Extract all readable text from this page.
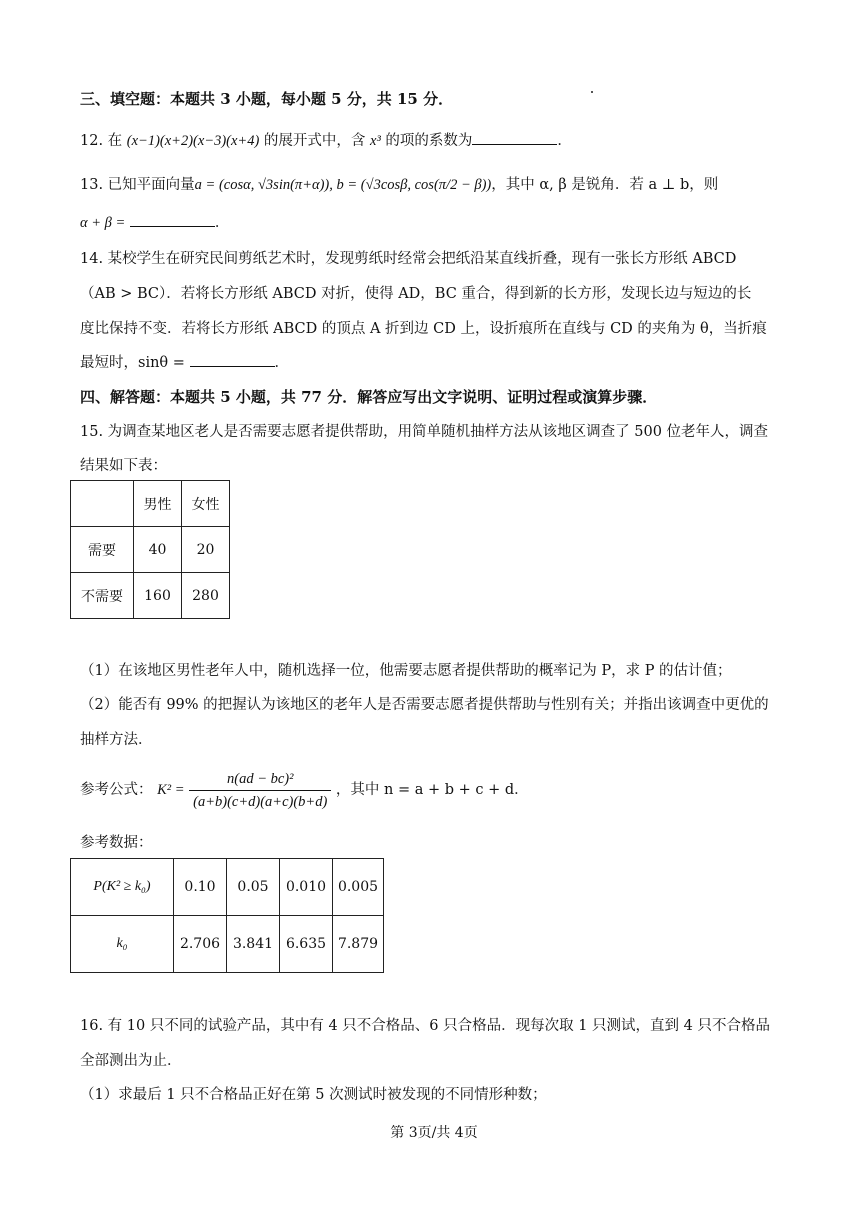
三、填空题：本题共 3 小题，每小题 5 分，共 15 分．
12. 在 (x−1)(x+2)(x−3)(x+4) 的展开式中，含 x³ 的项的系数为	．
13. 已知平面向量a = (cosα, √3sin(π+α)), b = (√3cosβ, cos(π/2 − β))，其中 α, β 是锐角．若 a ⊥ b，则
α + β =	．
14. 某校学生在研究民间剪纸艺术时，发现剪纸时经常会把纸沿某直线折叠，现有一张长方形纸 ABCD
（AB > BC）．若将长方形纸 ABCD 对折，使得 AD，BC 重合，得到新的长方形，发现长边与短边的长
度比保持不变．若将长方形纸 ABCD 的顶点 A 折到边 CD 上，设折痕所在直线与 CD 的夹角为 θ，当折痕
最短时，sinθ =	．
四、解答题：本题共 5 小题，共 77 分．解答应写出文字说明、证明过程或演算步骤．
15. 为调查某地区老人是否需要志愿者提供帮助，用简单随机抽样方法从该地区调查了 500 位老年人，调查
结果如下表：
	男性	女性
需要	40	20
不需要	160	280
（1）在该地区男性老年人中，随机选择一位，他需要志愿者提供帮助的概率记为 P，求 P 的估计值；
（2）能否有 99% 的把握认为该地区的老年人是否需要志愿者提供帮助与性别有关；并指出该调查中更优的
抽样方法．
参考公式： $K^2 = \frac{\text{n(ad − bc)²}}{(a+b)(c+d)(a+c)(b+d)}$ ，其中 n = a + b + c + d．
参考数据：
P(K² ≥ k₀)	0.10	0.05	0.010	0.005
k₀	2.706	3.841	6.635	7.879
16. 有 10 只不同的试验产品，其中有 4 只不合格品、6 只合格品．现每次取 1 只测试，直到 4 只不合格品
全部测出为止．
（1）求最后 1 只不合格品正好在第 5 次测试时被发现的不同情形种数；
第 3页/共 4页
